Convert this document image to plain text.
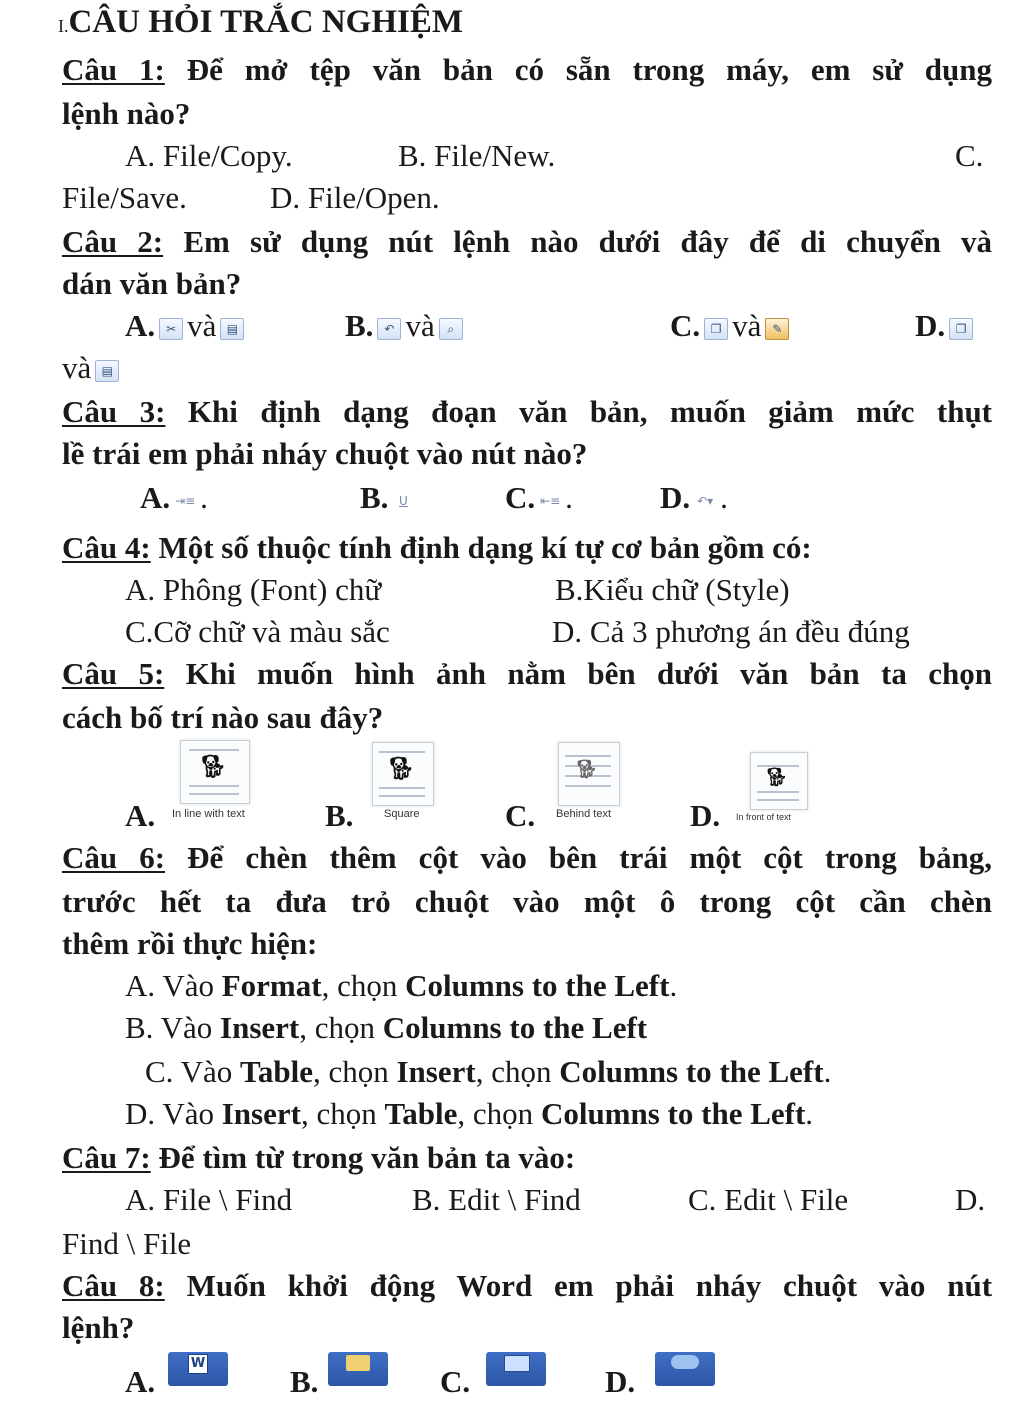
I.CÂU HỎI TRẮC NGHIỆM
Câu 1: Để mở tệp văn bản có sẵn trong máy, em sử dụng
lệnh nào?
A. File/Copy.	B. File/New.	C.
File/Save.	D. File/Open.
Câu 2: Em sử dụng nút lệnh nào dưới đây để di chuyển và
dán văn bản?
A. ✂ và ▤	B. ↶ và ⌕	C. ❐ và ✎	D. ❐
và ▤
Câu 3: Khi định dạng đoạn văn bản, muốn giảm mức thụt
lề trái em phải nháy chuột vào nút nào?
A. ⇥≡ .	B. U	C. ⇤≡ .	D. ↶▾ .
Câu 4: Một số thuộc tính định dạng kí tự cơ bản gồm có:
A. Phông (Font) chữ	B.Kiểu chữ (Style)
C.Cỡ chữ và màu sắc	D. Cả 3 phương án đều đúng
Câu 5: Khi muốn hình ảnh nằm bên dưới văn bản ta chọn
cách bố trí nào sau đây?
A.
🐕︎
In line with text	B.
🐕︎
Square	C.
🐕︎
Behind text	D.
🐕︎
In front of text
Câu 6: Để chèn thêm cột vào bên trái một cột trong bảng,
trước hết ta đưa trỏ chuột vào một ô trong cột cần chèn
thêm rồi thực hiện:
A. Vào Format, chọn Columns to the Left.
B. Vào Insert, chọn Columns to the Left
C. Vào Table, chọn Insert, chọn Columns to the Left.
D. Vào Insert, chọn Table, chọn Columns to the Left.
Câu 7: Để tìm từ trong văn bản ta vào:
A. File \ Find	B. Edit \ Find	C. Edit \ File	D.
Find \ File
Câu 8: Muốn khởi động Word em phải nháy chuột vào nút
lệnh?
A.
W
B.	C.	D.
